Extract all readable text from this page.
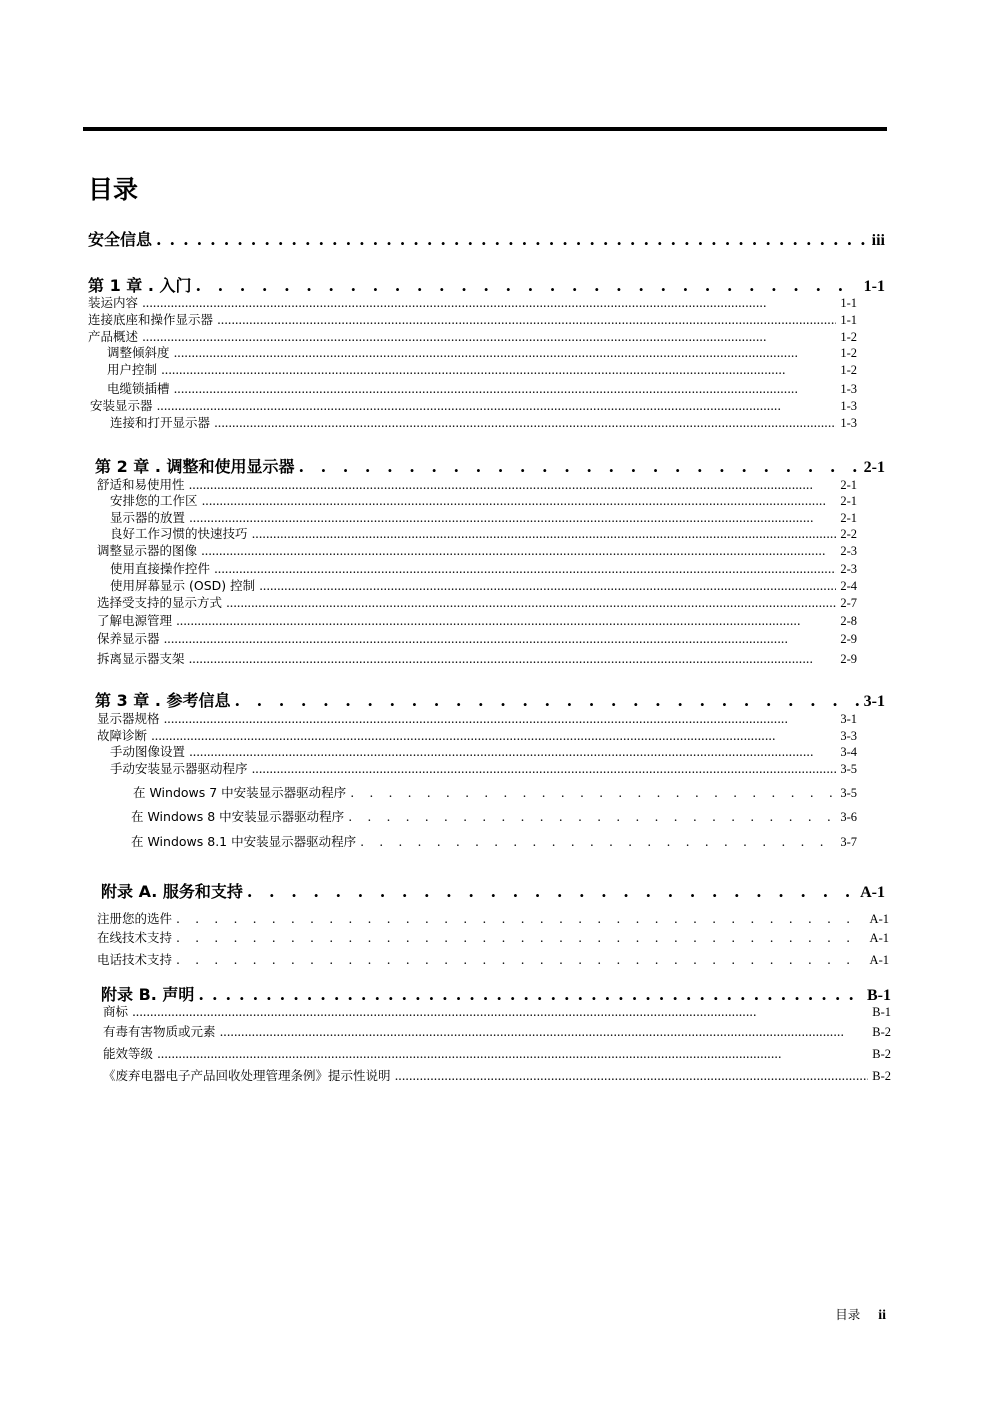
目录
安全信息 . . .	iii
第 1 章 . 入门 . . .	1-1
装运内容 . . .	1-1
连接底座和操作显示器 . . .	1-1
产品概述 . . .	1-2
调整倾斜度 . . .	1-2
用户控制 . . .	1-2
电缆锁插槽 . . .	1-3
安装显示器 . . .	1-3
连接和打开显示器 . . .	1-3
第 2 章 . 调整和使用显示器 . . .	2-1
舒适和易使用性 . . .	2-1
安排您的工作区 . . .	2-1
显示器的放置 . . .	2-1
良好工作习惯的快速技巧 . . .	2-2
调整显示器的图像 . . .	2-3
使用直接操作控件 . . .	2-3
使用屏幕显示 (OSD) 控制 . . .	2-4
选择受支持的显示方式 . . .	2-7
了解电源管理 . . .	2-8
保养显示器 . . .	2-9
拆离显示器支架 . . .	2-9
第 3 章 . 参考信息 . . .	3-1
显示器规格 . . .	3-1
故障诊断 . . .	3-3
手动图像设置 . . .	3-4
手动安装显示器驱动程序 . . .	3-5
在 Windows 7 中安装显示器驱动程序 . . .	3-5
在 Windows 8 中安装显示器驱动程序 . . .	3-6
在 Windows 8.1 中安装显示器驱动程序 . . .	3-7
附录 A. 服务和支持 . . .	A-1
注册您的选件 . . .	A-1
在线技术支持 . . .	A-1
电话技术支持 . . .	A-1
附录 B. 声明 . . .	B-1
商标 . . .	B-1
有毒有害物质或元素 . . .	B-2
能效等级 . . .	B-2
《废弃电器电子产品回收处理管理条例》提示性说明 . . .	B-2
目录 ii
